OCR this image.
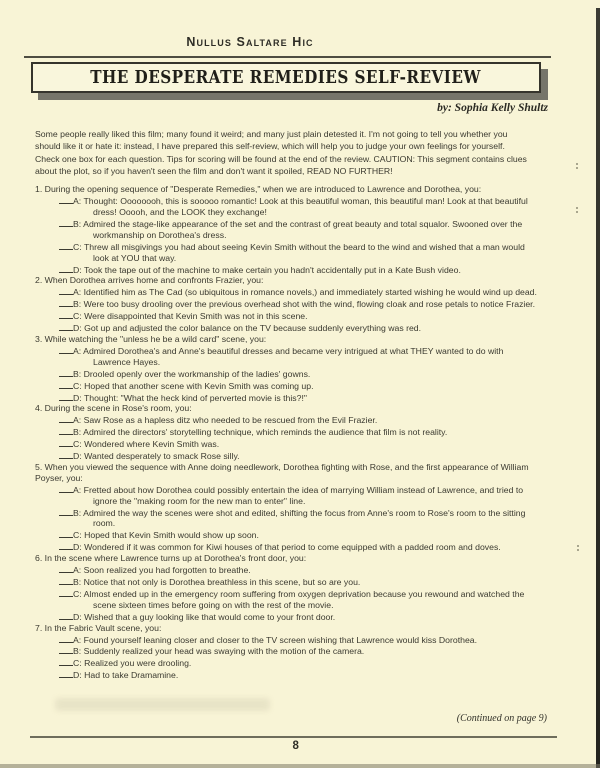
Nullus Saltare Hic
THE DESPERATE REMEDIES SELF-REVIEW
by: Sophia Kelly Shultz

Some people really liked this film; many found it weird; and many just plain detested it. I'm not going to tell you whether you should like it or hate it: instead, I have prepared this self-review, which will help you to judge your own feelings for yourself. Check one box for each question. Tips for scoring will be found at the end of the review. CAUTION: This segment contains clues about the plot, so if you haven't seen the film and don't want it spoiled, READ NO FURTHER!

1. During the opening sequence of "Desperate Remedies," when we are introduced to Lawrence and Dorothea, you:
A: Thought: Oooooooh, this is sooooo romantic! Look at this beautiful woman, this beautiful man! Look at that beautiful dress! Ooooh, and the LOOK they exchange!
B: Admired the stage-like appearance of the set and the contrast of great beauty and total squalor. Swooned over the workmanship on Dorothea's dress.
C: Threw all misgivings you had about seeing Kevin Smith without the beard to the wind and wished that a man would look at YOU that way.
D: Took the tape out of the machine to make certain you hadn't accidentally put in a Kate Bush video.
2. When Dorothea arrives home and confronts Frazier, you:
A: Identified him as The Cad (so ubiquitous in romance novels,) and immediately started wishing he would wind up dead.
B: Were too busy drooling over the previous overhead shot with the wind, flowing cloak and rose petals to notice Frazier.
C: Were disappointed that Kevin Smith was not in this scene.
D: Got up and adjusted the color balance on the TV because suddenly everything was red.
3. While watching the "unless he be a wild card" scene, you:
A: Admired Dorothea's and Anne's beautiful dresses and became very intrigued at what THEY wanted to do with Lawrence Hayes.
B: Drooled openly over the workmanship of the ladies' gowns.
C: Hoped that another scene with Kevin Smith was coming up.
D: Thought: "What the heck kind of perverted movie is this?!"
4. During the scene in Rose's room, you:
A: Saw Rose as a hapless ditz who needed to be rescued from the Evil Frazier.
B: Admired the directors' storytelling technique, which reminds the audience that film is not reality.
C: Wondered where Kevin Smith was.
D: Wanted desperately to smack Rose silly.
5. When you viewed the sequence with Anne doing needlework, Dorothea fighting with Rose, and the first appearance of William Poyser, you:
A: Fretted about how Dorothea could possibly entertain the idea of marrying William instead of Lawrence, and tried to ignore the "making room for the new man to enter" line.
B: Admired the way the scenes were shot and edited, shifting the focus from Anne's room to Rose's room to the sitting room.
C: Hoped that Kevin Smith would show up soon.
D: Wondered if it was common for Kiwi houses of that period to come equipped with a padded room and doves.
6. In the scene where Lawrence turns up at Dorothea's front door, you:
A: Soon realized you had forgotten to breathe.
B: Notice that not only is Dorothea breathless in this scene, but so are you.
C: Almost ended up in the emergency room suffering from oxygen deprivation because you rewound and watched the scene sixteen times before going on with the rest of the movie.
D: Wished that a guy looking like that would come to your front door.
7. In the Fabric Vault scene, you:
A: Found yourself leaning closer and closer to the TV screen wishing that Lawrence would kiss Dorothea.
B: Suddenly realized your head was swaying with the motion of the camera.
C: Realized you were drooling.
D: Had to take Dramamine.
(Continued on page 9)
8
